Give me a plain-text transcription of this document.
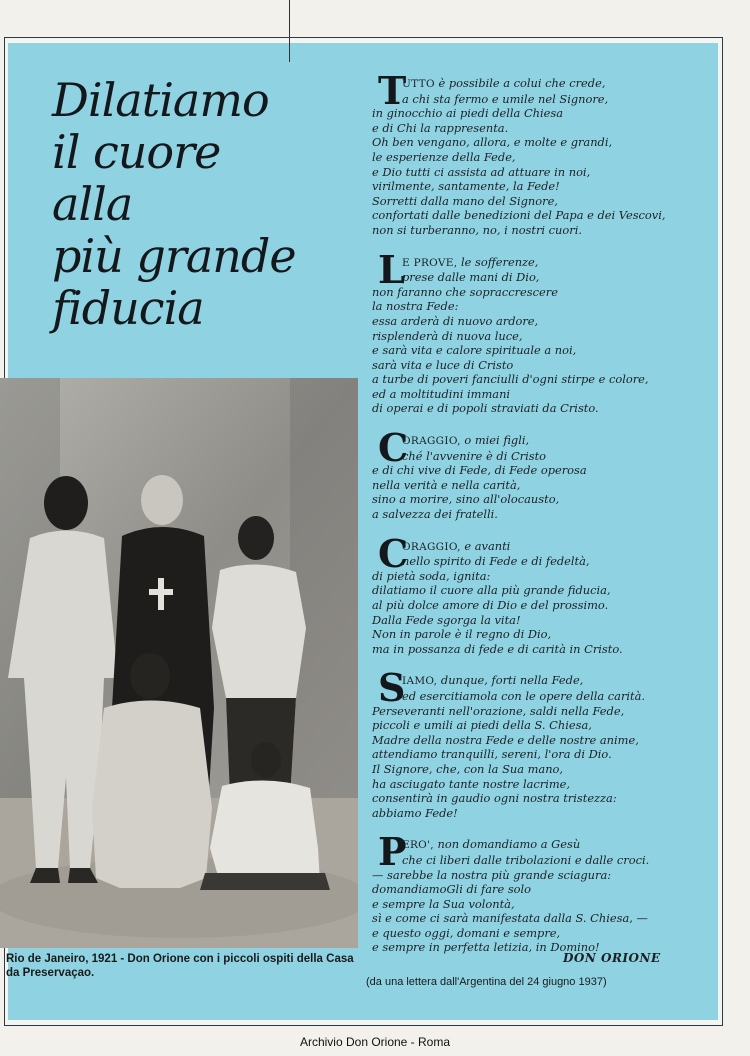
Dilatiamo
il cuore
alla
più grande
fiducia

Rio de Janeiro, 1921 - Don Orione con i piccoli ospiti della Casa da Preservaçao.

T
UTTO è possibile a colui che crede,
a chi sta fermo e umile nel Signore,
in ginocchio ai piedi della Chiesa
e di Chi la rappresenta.
Oh ben vengano, allora, e molte e grandi,
le esperienze della Fede,
e Dio tutti ci assista ad attuare in noi,
virilmente, santamente, la Fede!
Sorretti dalla mano del Signore,
confortati dalle benedizioni del Papa e dei Vescovi,
non si turberanno, no, i nostri cuori.
L
E PROVE, le sofferenze,
prese dalle mani di Dio,
non faranno che sopraccrescere
la nostra Fede:
essa arderà di nuovo ardore,
risplenderà di nuova luce,
e sarà vita e calore spirituale a noi,
sarà vita e luce di Cristo
a turbe di poveri fanciulli d'ogni stirpe e colore,
ed a moltitudini immani
di operai e di popoli straviati da Cristo.
C
ORAGGIO, o miei figli,
ché l'avvenire è di Cristo
e di chi vive di Fede, di Fede operosa
nella verità e nella carità,
sino a morire, sino all'olocausto,
a salvezza dei fratelli.
C
ORAGGIO, e avanti
nello spirito di Fede e di fedeltà,
di pietà soda, ignita:
dilatiamo il cuore alla più grande fiducia,
al più dolce amore di Dio e del prossimo.
Dalla Fede sgorga la vita!
Non in parole è il regno di Dio,
ma in possanza di fede e di carità in Cristo.
S
IAMO, dunque, forti nella Fede,
ed esercitiamola con le opere della carità.
Perseveranti nell'orazione, saldi nella Fede,
piccoli e umili ai piedi della S. Chiesa,
Madre della nostra Fede e delle nostre anime,
attendiamo tranquilli, sereni, l'ora di Dio.
Il Signore, che, con la Sua mano,
ha asciugato tante nostre lacrime,
consentirà in gaudio ogni nostra tristezza:
abbiamo Fede!
P
ERO', non domandiamo a Gesù
che ci liberi dalle tribolazioni e dalle croci.
— sarebbe la nostra più grande sciagura:
domandiamoGli di fare solo
e sempre la Sua volontà,
sì e come ci sarà manifestata dalla S. Chiesa, —
e questo oggi, domani e sempre,
e sempre in perfetta letizia, in Domino!

DON ORIONE

(da una lettera dall'Argentina del 24 giugno 1937)

Archivio Don Orione - Roma
